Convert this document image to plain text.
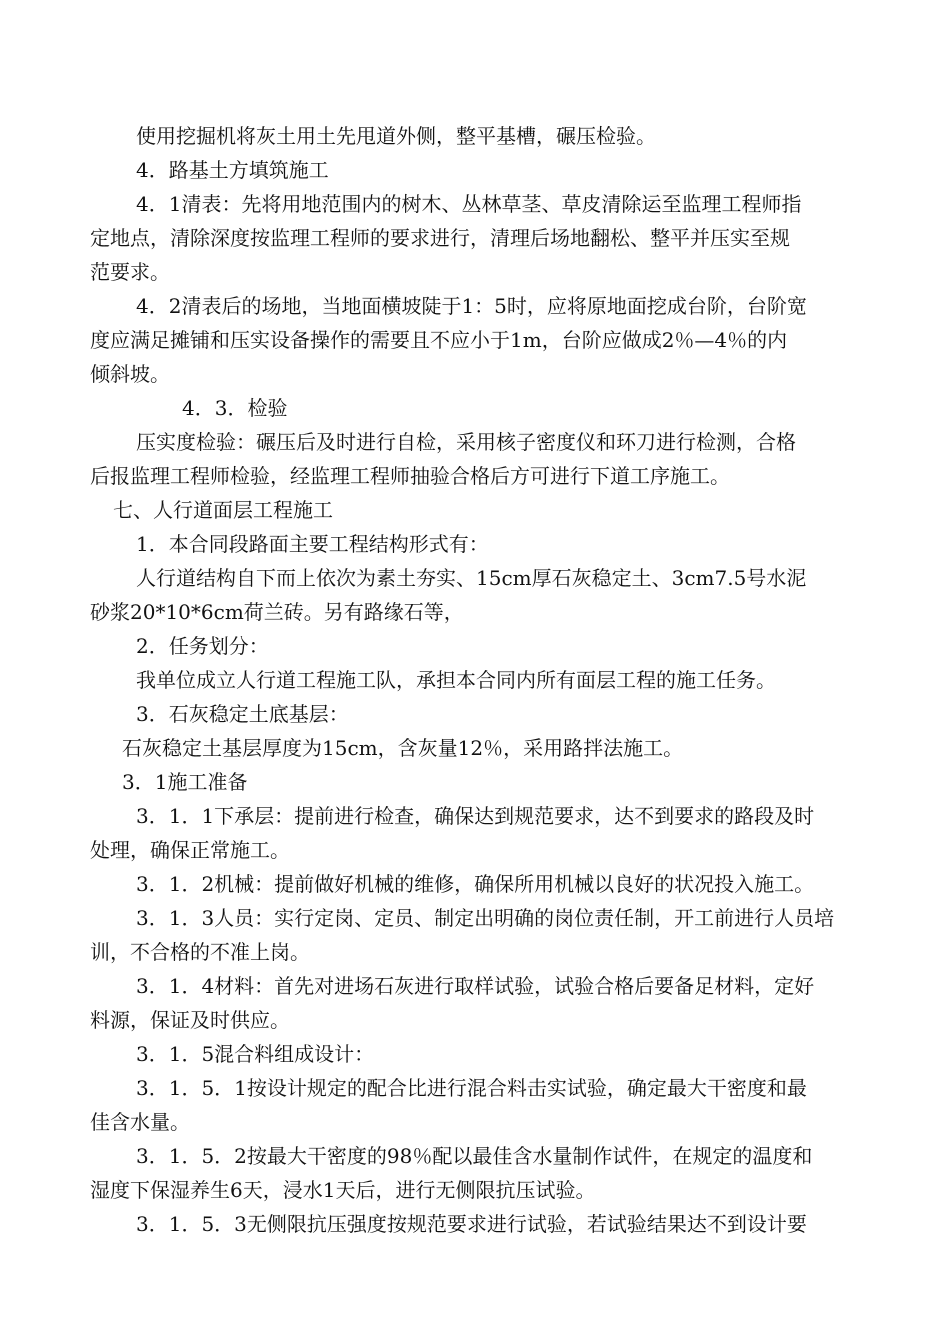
使用挖掘机将灰土用土先甩道外侧，整平基槽，碾压检验。
4．路基土方填筑施工
4．1清表：先将用地范围内的树木、丛林草茎、草皮清除运至监理工程师指
定地点，清除深度按监理工程师的要求进行，清理后场地翻松、整平并压实至规
范要求。
4．2清表后的场地，当地面横坡陡于1：5时，应将原地面挖成台阶，台阶宽
度应满足摊铺和压实设备操作的需要且不应小于1m，台阶应做成2％—4％的内
倾斜坡。
4．3．检验
压实度检验：碾压后及时进行自检，采用核子密度仪和环刀进行检测，合格
后报监理工程师检验，经监理工程师抽验合格后方可进行下道工序施工。
七、人行道面层工程施工
1．本合同段路面主要工程结构形式有：
人行道结构自下而上依次为素土夯实、15cm厚石灰稳定土、3cm7.5号水泥
砂浆20*10*6cm荷兰砖。另有路缘石等，
2．任务划分：
我单位成立人行道工程施工队，承担本合同内所有面层工程的施工任务。
3．石灰稳定土底基层：
石灰稳定土基层厚度为15cm，含灰量12％，采用路拌法施工。
3．1施工准备
3．1．1下承层：提前进行检查，确保达到规范要求，达不到要求的路段及时
处理，确保正常施工。
3．1．2机械：提前做好机械的维修，确保所用机械以良好的状况投入施工。
3．1．3人员：实行定岗、定员、制定出明确的岗位责任制，开工前进行人员培
训，不合格的不准上岗。
3．1．4材料：首先对进场石灰进行取样试验，试验合格后要备足材料，定好
料源，保证及时供应。
3．1．5混合料组成设计：
3．1．5．1按设计规定的配合比进行混合料击实试验，确定最大干密度和最
佳含水量。
3．1．5．2按最大干密度的98％配以最佳含水量制作试件，在规定的温度和
湿度下保湿养生6天，浸水1天后，进行无侧限抗压试验。
3．1．5．3无侧限抗压强度按规范要求进行试验，若试验结果达不到设计要
